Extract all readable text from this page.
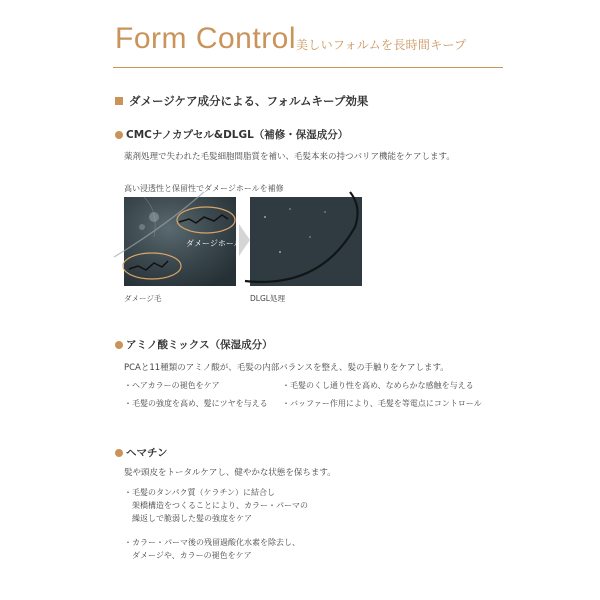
Form Control 美しいフォルムを長時間キープ
ダメージケア成分による、フォルムキープ効果
CMCナノカプセル&DLGL（補修・保湿成分）
薬剤処理で失われた毛髪細胞間脂質を補い、毛髪本来の持つバリア機能をケアします。
高い浸透性と保留性でダメージホールを補修
ダメージホール
ダメージ毛	DLGL処理
アミノ酸ミックス（保湿成分）
PCAと11種類のアミノ酸が、毛髪の内部バランスを整え、髪の手触りをケアします。
・ヘアカラーの褪色をケア	・毛髪のくし通り性を高め、なめらかな感触を与える
・毛髪の強度を高め、髪にツヤを与える ・バッファー作用により、毛髪を等電点にコントロール
ヘマチン
髪や頭皮をトータルケアし、健やかな状態を保ちます。
・毛髪のタンパク質（ケラチン）に結合し
　架橋構造をつくることにより、カラー・パーマの
　繰返しで脆弱した髪の強度をケア
・カラー・パーマ後の残留過酸化水素を除去し、
　ダメージや、カラーの褪色をケア
